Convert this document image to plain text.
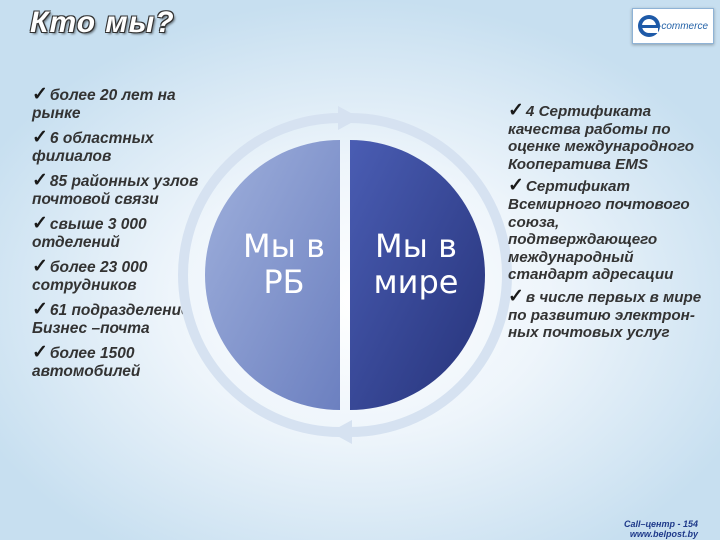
Кто мы?	-commerce
✓ более 20 лет на рынке
✓ 6 областных филиалов
✓ 85 районных узлов почтовой связи
✓ свыше 3 000 отделений
✓ более 23 000 сотрудников
✓ 61 подразделение Бизнес –почта
✓ более 1500 автомобилей
Мы в
РБ
Мы в
мире
✓ 4 Сертификата качества работы по оценке международного Кооператива EMS
✓ Сертификат Всемирного почтового союза, подтверждающего международный стандарт адресации
✓ в числе первых в мире по развитию электрон-ных почтовых услуг
Call–центр - 154
www.belpost.by
